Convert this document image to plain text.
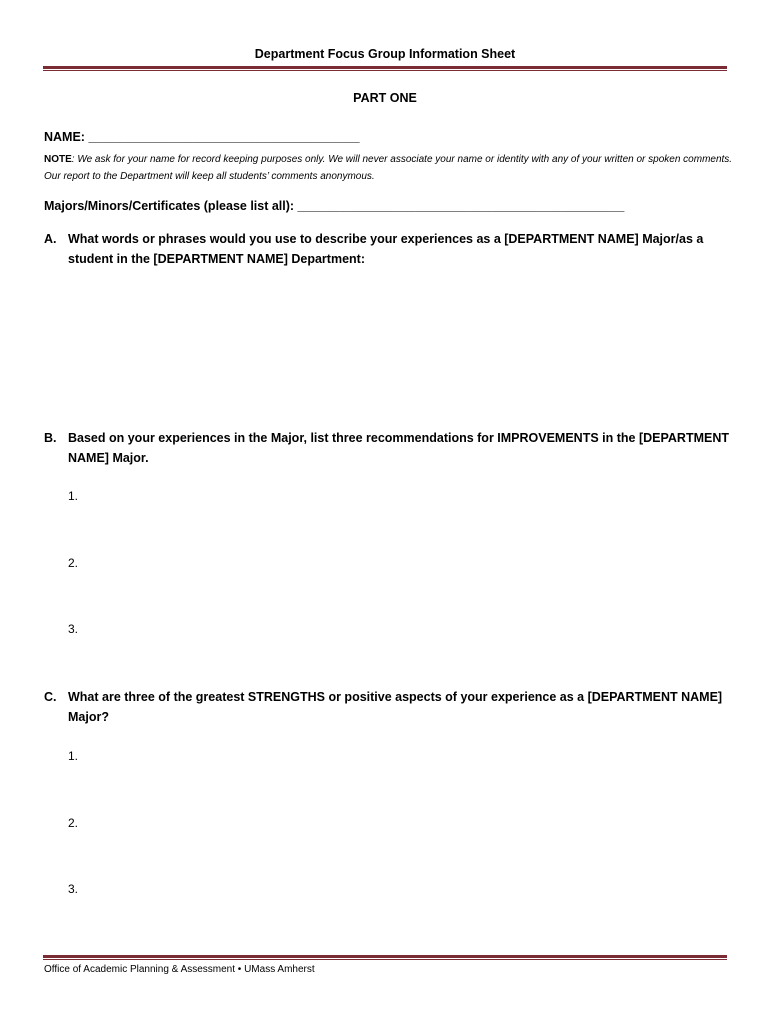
Department Focus Group Information Sheet
PART ONE
NAME: _______________________________________
NOTE: We ask for your name for record keeping purposes only. We will never associate your name or identity with any of your written or spoken comments. Our report to the Department will keep all students’ comments anonymous.
Majors/Minors/Certificates (please list all): _______________________________________________
A. What words or phrases would you use to describe your experiences as a [DEPARTMENT NAME] Major/as a student in the [DEPARTMENT NAME] Department:
B. Based on your experiences in the Major, list three recommendations for IMPROVEMENTS in the [DEPARTMENT NAME] Major.
1.
2.
3.
C. What are three of the greatest STRENGTHS or positive aspects of your experience as a [DEPARTMENT NAME] Major?
1.
2.
3.
Office of Academic Planning & Assessment • UMass Amherst
